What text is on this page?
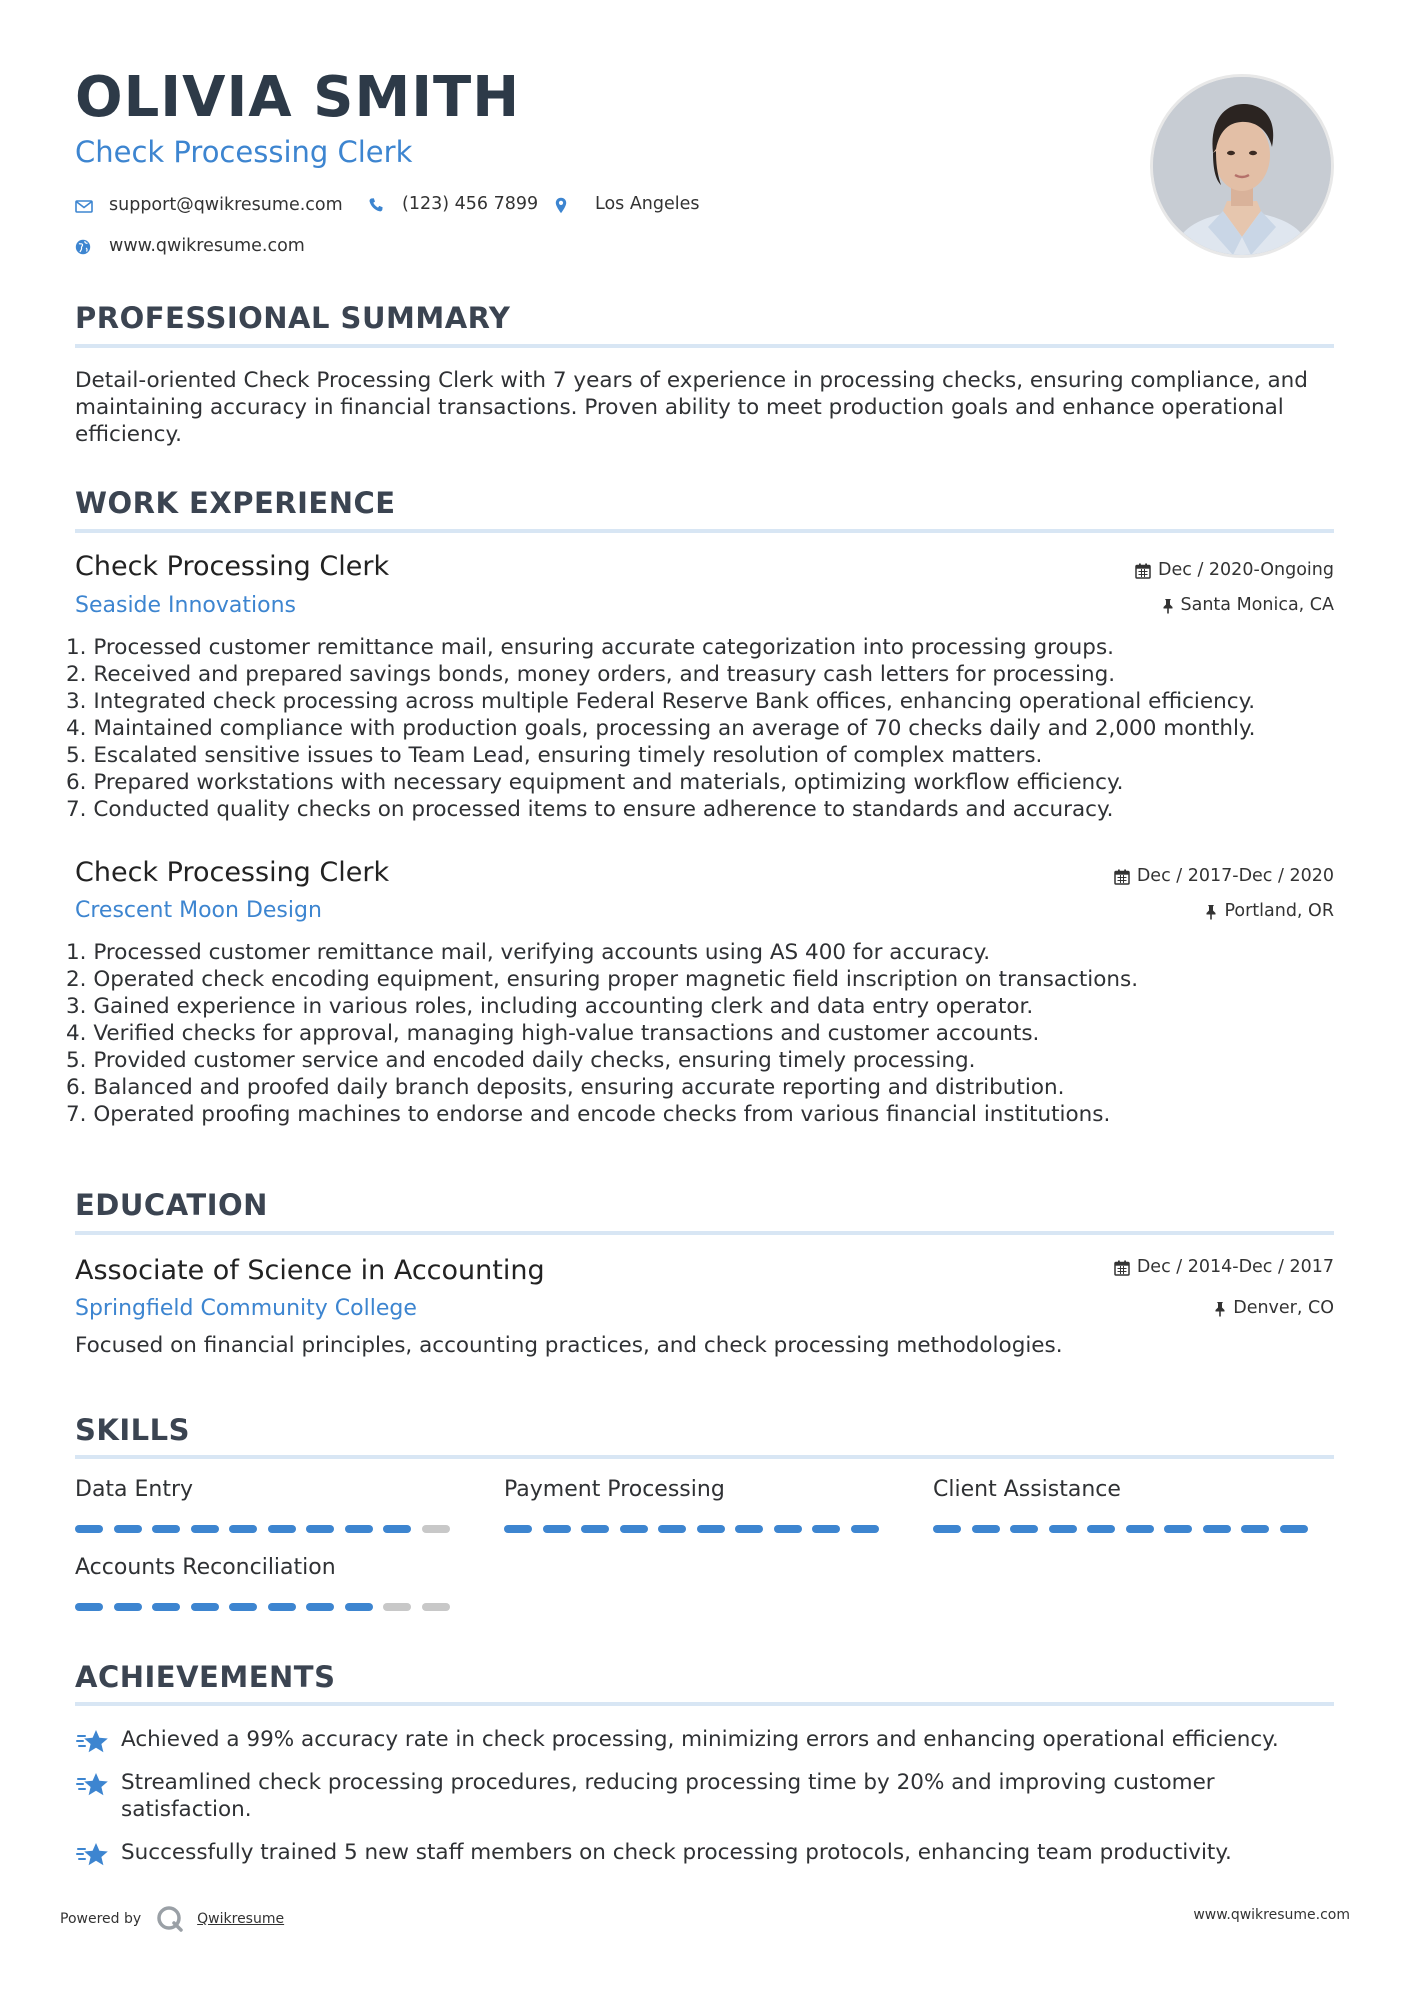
OLIVIA SMITH
Check Processing Clerk
support@qwikresume.com	(123) 456 7899	Los Angeles
www.qwikresume.com
PROFESSIONAL SUMMARY
Detail-oriented Check Processing Clerk with 7 years of experience in processing checks, ensuring compliance, and maintaining accuracy in financial transactions. Proven ability to meet production goals and enhance operational efficiency.
WORK EXPERIENCE
Check Processing Clerk	Dec / 2020-Ongoing
Seaside Innovations	Santa Monica, CA
1. Processed customer remittance mail, ensuring accurate categorization into processing groups.
2. Received and prepared savings bonds, money orders, and treasury cash letters for processing.
3. Integrated check processing across multiple Federal Reserve Bank offices, enhancing operational efficiency.
4. Maintained compliance with production goals, processing an average of 70 checks daily and 2,000 monthly.
5. Escalated sensitive issues to Team Lead, ensuring timely resolution of complex matters.
6. Prepared workstations with necessary equipment and materials, optimizing workflow efficiency.
7. Conducted quality checks on processed items to ensure adherence to standards and accuracy.
Check Processing Clerk	Dec / 2017-Dec / 2020
Crescent Moon Design	Portland, OR
1. Processed customer remittance mail, verifying accounts using AS 400 for accuracy.
2. Operated check encoding equipment, ensuring proper magnetic field inscription on transactions.
3. Gained experience in various roles, including accounting clerk and data entry operator.
4. Verified checks for approval, managing high-value transactions and customer accounts.
5. Provided customer service and encoded daily checks, ensuring timely processing.
6. Balanced and proofed daily branch deposits, ensuring accurate reporting and distribution.
7. Operated proofing machines to endorse and encode checks from various financial institutions.
EDUCATION
Associate of Science in Accounting	Dec / 2014-Dec / 2017
Springfield Community College	Denver, CO
Focused on financial principles, accounting practices, and check processing methodologies.
SKILLS
Data Entry	Payment Processing	Client Assistance
Accounts Reconciliation
ACHIEVEMENTS
Achieved a 99% accuracy rate in check processing, minimizing errors and enhancing operational efficiency.
Streamlined check processing procedures, reducing processing time by 20% and improving customer satisfaction.
Successfully trained 5 new staff members on check processing protocols, enhancing team productivity.
Powered by	Qwikresume	www.qwikresume.com
